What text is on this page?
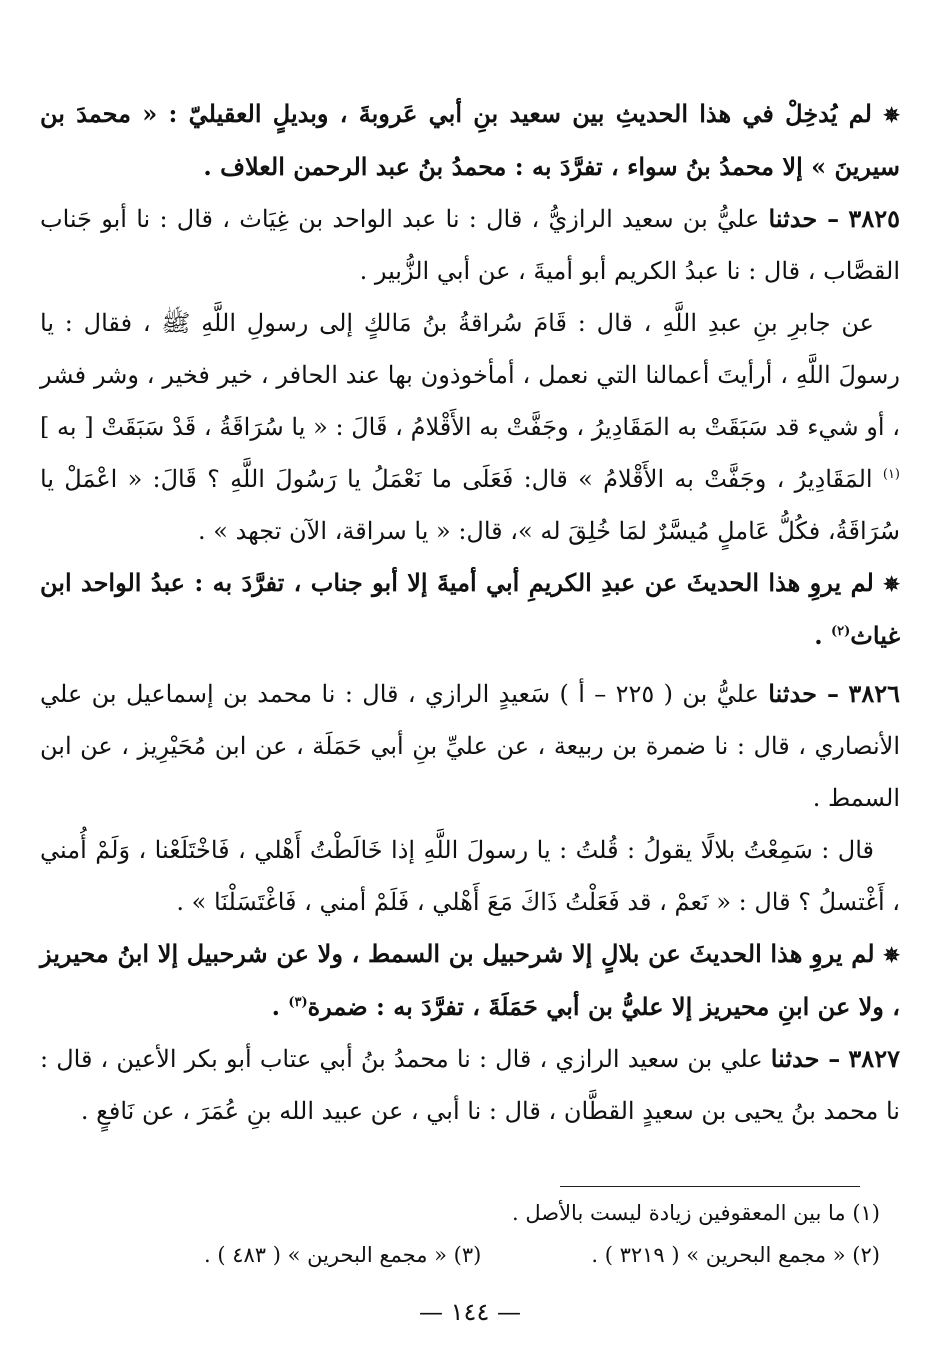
✵ لم يُدخِلْ في هذا الحديثِ بين سعيد بنِ أبي عَروبةَ ، وبديلٍ العقيليّ : « محمدَ بن سيرينَ » إلا محمدُ بنُ سواء ، تفرَّدَ به : محمدُ بنُ عبد الرحمن العلاف .

٣٨٢٥ – حدثنا عليُّ بن سعيد الرازيُّ ، قال : نا عبد الواحد بن غِيَاث ، قال : نا أبو جَناب القصَّاب ، قال : نا عبدُ الكريم أبو أميةَ ، عن أبي الزُّبير .

عن جابرِ بنِ عبدِ اللَّهِ ، قال : قَامَ سُراقةُ بنُ مَالكٍ إلى رسولِ اللَّهِ ﷺ ، فقال : يا رسولَ اللَّهِ ، أرأيتَ أعمالنا التي نعمل ، أمأخوذون بها عند الحافر ، خير فخير ، وشر فشر ، أو شيء قد سَبَقَتْ به المَقَادِيرُ ، وجَفَّتْ به الأَقْلامُ ، قَالَ : « يا سُرَاقَةُ ، قَدْ سَبَقَتْ [ به ]$^{(١)}$ المَقَادِيرُ ، وجَفَّتْ به الأَقْلامُ » قال: فَعَلَى ما نَعْمَلُ يا رَسُولَ اللَّهِ ؟ قَالَ: « اعْمَلْ يا سُرَاقَةُ، فكُلُّ عَاملٍ مُيسَّرٌ لمَا خُلِقَ له »، قال: « يا سراقة، الآن تجهد » .

✵ لم يروِ هذا الحديثَ عن عبدِ الكريمِ أبي أميةَ إلا أبو جناب ، تفرَّدَ به : عبدُ الواحد ابن غياث$^{(٢)}$ .

٣٨٢٦ – حدثنا عليُّ بن ( ٢٢٥ – أ ) سَعيدٍ الرازي ، قال : نا محمد بن إسماعيل بن علي الأنصاري ، قال : نا ضمرة بن ربيعة ، عن عليِّ بنِ أبي حَمَلَة ، عن ابن مُحَيْرِيز ، عن ابن السمط .

قال : سَمِعْتُ بلالًا يقولُ : قُلتُ : يا رسولَ اللَّهِ إذا خَالَطْتُ أَهْلي ، فَاخْتَلَعْنا ، وَلَمْ أُمني ، أَغْتسلُ ؟ قال : « نَعمْ ، قد فَعَلْتُ ذَاكَ مَعَ أَهْلي ، فَلَمْ أمني ، فَاغْتَسَلْنَا » .

✵ لم يروِ هذا الحديثَ عن بلالٍ إلا شرحبيل بن السمط ، ولا عن شرحبيل إلا ابنُ محيريز ، ولا عن ابنِ محيريز إلا عليُّ بن أبي حَمَلَةَ ، تفرَّدَ به : ضمرة$^{(٣)}$ .

٣٨٢٧ – حدثنا علي بن سعيد الرازي ، قال : نا محمدُ بنُ أبي عتاب أبو بكر الأعين ، قال : نا محمد بنُ يحيى بن سعيدٍ القطَّان ، قال : نا أبي ، عن عبيد الله بنِ عُمَرَ ، عن نَافعٍ .

(١) ما بين المعقوفين زيادة ليست بالأصل .
(٢) « مجمع البحرين » ( ٣٢١٩ ) .
(٣) « مجمع البحرين » ( ٤٨٣ ) .
— ١٤٤ —
